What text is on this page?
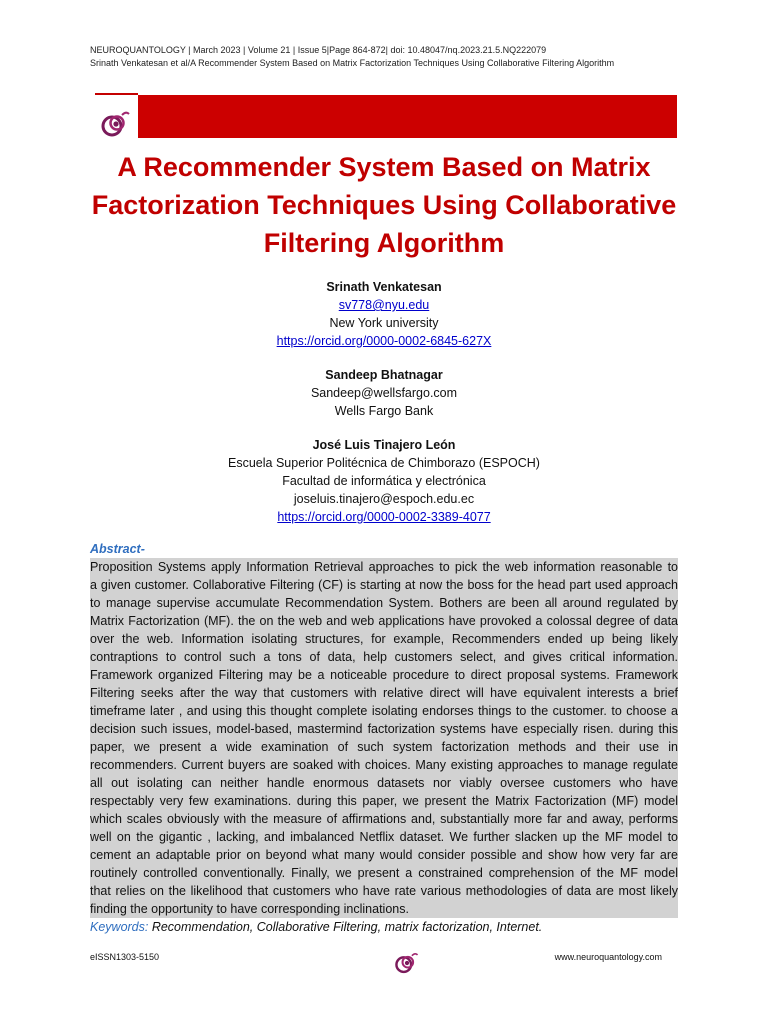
NEUROQUANTOLOGY | March 2023 | Volume 21 | Issue 5|Page 864-872| doi: 10.48047/nq.2023.21.5.NQ222079
Srinath Venkatesan et al/A Recommender System Based on Matrix Factorization Techniques Using Collaborative Filtering Algorithm
A Recommender System Based on Matrix
Factorization Techniques Using Collaborative
Filtering Algorithm
Srinath Venkatesan
sv778@nyu.edu
New York university
https://orcid.org/0000-0002-6845-627X
Sandeep Bhatnagar
Sandeep@wellsfargo.com
Wells Fargo Bank
José Luis Tinajero León
Escuela Superior Politécnica de Chimborazo (ESPOCH)
Facultad de informática y electrónica
joseluis.tinajero@espoch.edu.ec
https://orcid.org/0000-0002-3389-4077
Abstract-
Proposition Systems apply Information Retrieval approaches to pick the web information reasonable to
a given customer. Collaborative Filtering (CF) is starting at now the boss for the head part used approach
to manage supervise accumulate Recommendation System. Bothers are been all around regulated by
Matrix Factorization (MF). the on the web and web applications have provoked a colossal degree of data
over the web. Information isolating structures, for example, Recommenders ended up being likely
contraptions to control such a tons of data, help customers select, and gives critical information.
Framework organized Filtering may be a noticeable procedure to direct proposal systems. Framework
Filtering seeks after the way that customers with relative direct will have equivalent interests a brief
timeframe later , and using this thought complete isolating endorses things to the customer. to choose a
decision such issues, model-based, mastermind factorization systems have especially risen. during this
paper, we present a wide examination of such system factorization methods and their use in
recommenders. Current buyers are soaked with choices. Many existing approaches to manage regulate
all out isolating can neither handle enormous datasets nor viably oversee customers who have
respectably very few examinations. during this paper, we present the Matrix Factorization (MF) model
which scales obviously with the measure of affirmations and, substantially more far and away, performs
well on the gigantic , lacking, and imbalanced Netflix dataset. We further slacken up the MF model to
cement an adaptable prior on beyond what many would consider possible and show how very far are
routinely controlled conventionally. Finally, we present a constrained comprehension of the MF model
that relies on the likelihood that customers who have rate various methodologies of data are most likely
finding the opportunity to have corresponding inclinations.
Keywords: Recommendation, Collaborative Filtering, matrix factorization, Internet.
eISSN1303-5150	www.neuroquantology.com
